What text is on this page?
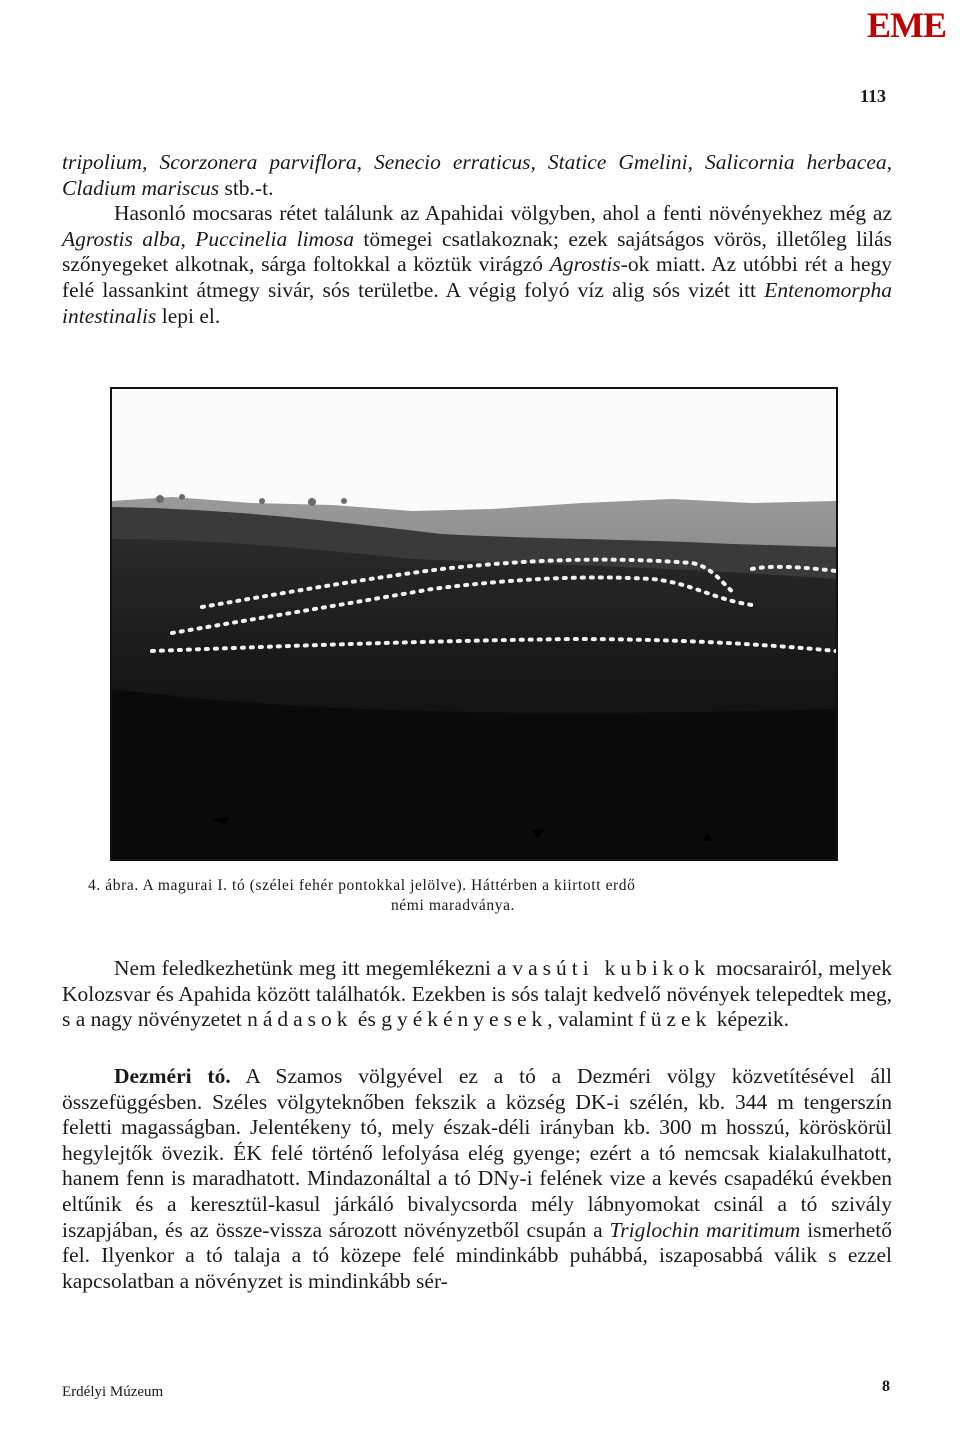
EME
113

tripolium, Scorzonera parviflora, Senecio erraticus, Statice Gmelini, Salicornia herbacea, Cladium mariscus stb.-t.
Hasonló mocsaras rétet találunk az Apahidai völgyben, ahol a fenti növényekhez még az Agrostis alba, Puccinelia limosa tömegei csatlakoznak; ezek sajátságos vörös, illetőleg lilás szőnyegeket alkotnak, sárga foltokkal a köztük virágzó Agrostis-ok miatt. Az utóbbi rét a hegy felé lassankint átmegy sivár, sós területbe. A végig folyó víz alig sós vizét itt Entenomorpha intestinalis lepi el.

4. ábra. A magurai I. tó (szélei fehér pontokkal jelölve). Háttérben a kiirtott erdő
némi maradványa.

Nem feledkezhetünk meg itt megemlékezni a vasúti kubikok mocsarairól, melyek Kolozsvar és Apahida között találhatók. Ezekben is sós talajt kedvelő növények telepedtek meg, s a nagy növényzetet nádasok és gyékényesek, valamint füzek képezik.

Dezméri tó. A Szamos völgyével ez a tó a Dezméri völgy közvetítésével áll összefüggésben. Széles völgyteknőben fekszik a község DK-i szélén, kb. 344 m tengerszín feletti magasságban. Jelentékeny tó, mely észak-déli irányban kb. 300 m hosszú, köröskörül hegylejtők övezik. ÉK felé történő lefolyása elég gyenge; ezért a tó nemcsak kialakulhatott, hanem fenn is maradhatott. Mindazonáltal a tó DNy-i felének vize a kevés csapadékú években eltűnik és a keresztül-kasul járkáló bivalycsorda mély lábnyomokat csinál a tó szivály iszapjában, és az össze-vissza sározott növényzetből csupán a Triglochin maritimum ismerhető fel. Ilyenkor a tó talaja a tó közepe felé mindinkább puhábbá, iszaposabbá válik s ezzel kapcsolatban a növényzet is mindinkább sér-

Erdélyi Múzeum	8
